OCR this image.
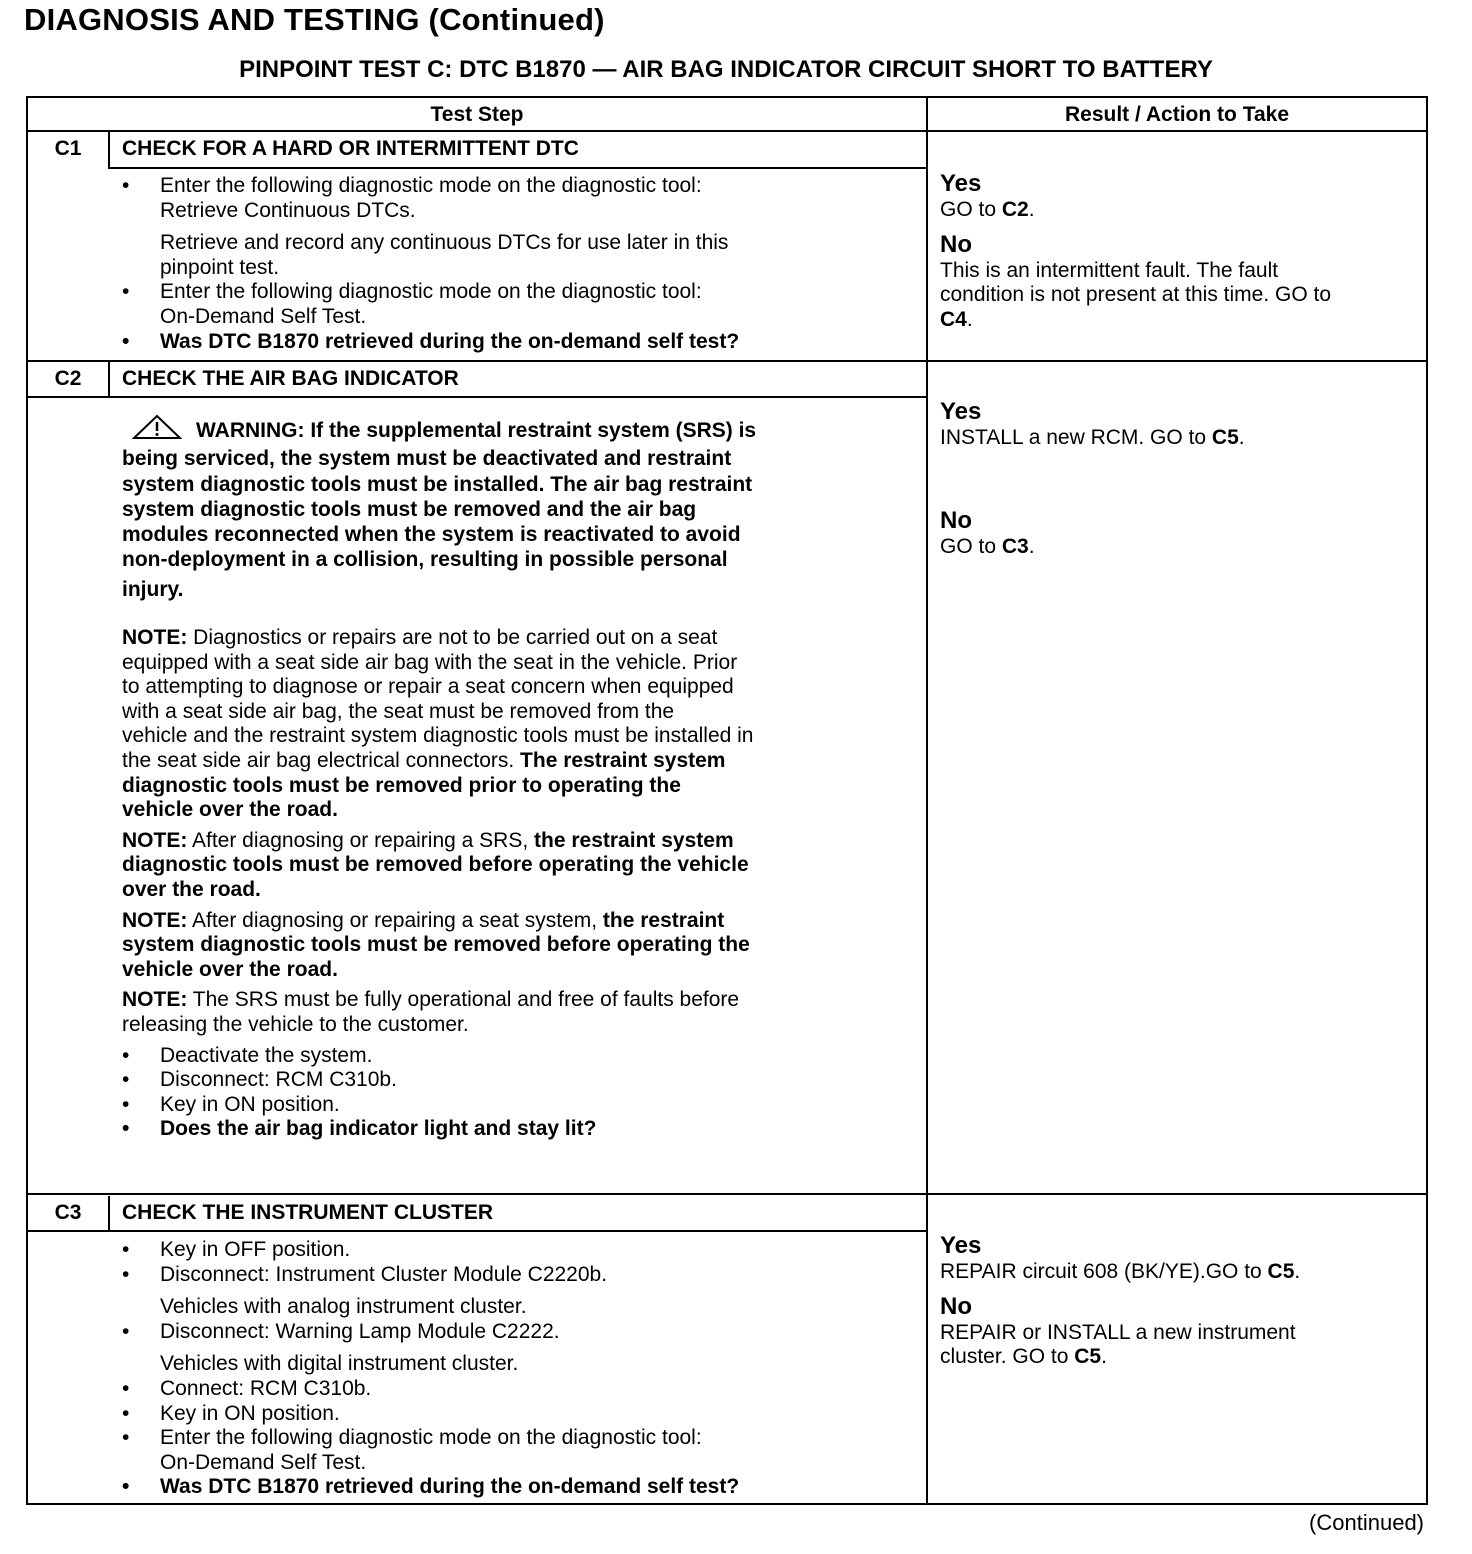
DIAGNOSIS AND TESTING (Continued)
PINPOINT TEST C: DTC B1870 — AIR BAG INDICATOR CIRCUIT SHORT TO BATTERY
Test Step	Result / Action to Take
C1	CHECK FOR A HARD OR INTERMITTENT DTC
• Enter the following diagnostic mode on the diagnostic tool:
Retrieve Continuous DTCs.
Retrieve and record any continuous DTCs for use later in this
pinpoint test.
• Enter the following diagnostic mode on the diagnostic tool:
On-Demand Self Test.
• Was DTC B1870 retrieved during the on-demand self test?
Yes

GO to C2.

No

This is an intermittent fault. The fault
condition is not present at this time. GO to
C4.

C2	CHECK THE AIR BAG INDICATOR

WARNING: If the supplemental restraint system (SRS) is

being serviced, the system must be deactivated and restraint

system diagnostic tools must be installed. The air bag restraint

system diagnostic tools must be removed and the air bag

modules reconnected when the system is reactivated to avoid

non-deployment in a collision, resulting in possible personal

injury.

NOTE: Diagnostics or repairs are not to be carried out on a seat
equipped with a seat side air bag with the seat in the vehicle. Prior
to attempting to diagnose or repair a seat concern when equipped
with a seat side air bag, the seat must be removed from the
vehicle and the restraint system diagnostic tools must be installed in
the seat side air bag electrical connectors. The restraint system
diagnostic tools must be removed prior to operating the
vehicle over the road.

NOTE: After diagnosing or repairing a SRS, the restraint system
diagnostic tools must be removed before operating the vehicle
over the road.

NOTE: After diagnosing or repairing a seat system, the restraint
system diagnostic tools must be removed before operating the
vehicle over the road.

NOTE: The SRS must be fully operational and free of faults before
releasing the vehicle to the customer.

• Deactivate the system.
• Disconnect: RCM C310b.
• Key in ON position.
• Does the air bag indicator light and stay lit?
Yes

INSTALL a new RCM. GO to C5.

No

GO to C3.

C3	CHECK THE INSTRUMENT CLUSTER
• Key in OFF position.
• Disconnect: Instrument Cluster Module C2220b.
Vehicles with analog instrument cluster.
• Disconnect: Warning Lamp Module C2222.
Vehicles with digital instrument cluster.
• Connect: RCM C310b.
• Key in ON position.
• Enter the following diagnostic mode on the diagnostic tool:
On-Demand Self Test.
• Was DTC B1870 retrieved during the on-demand self test?
Yes

REPAIR circuit 608 (BK/YE).GO to C5.

No

REPAIR or INSTALL a new instrument
cluster. GO to C5.

(Continued)
